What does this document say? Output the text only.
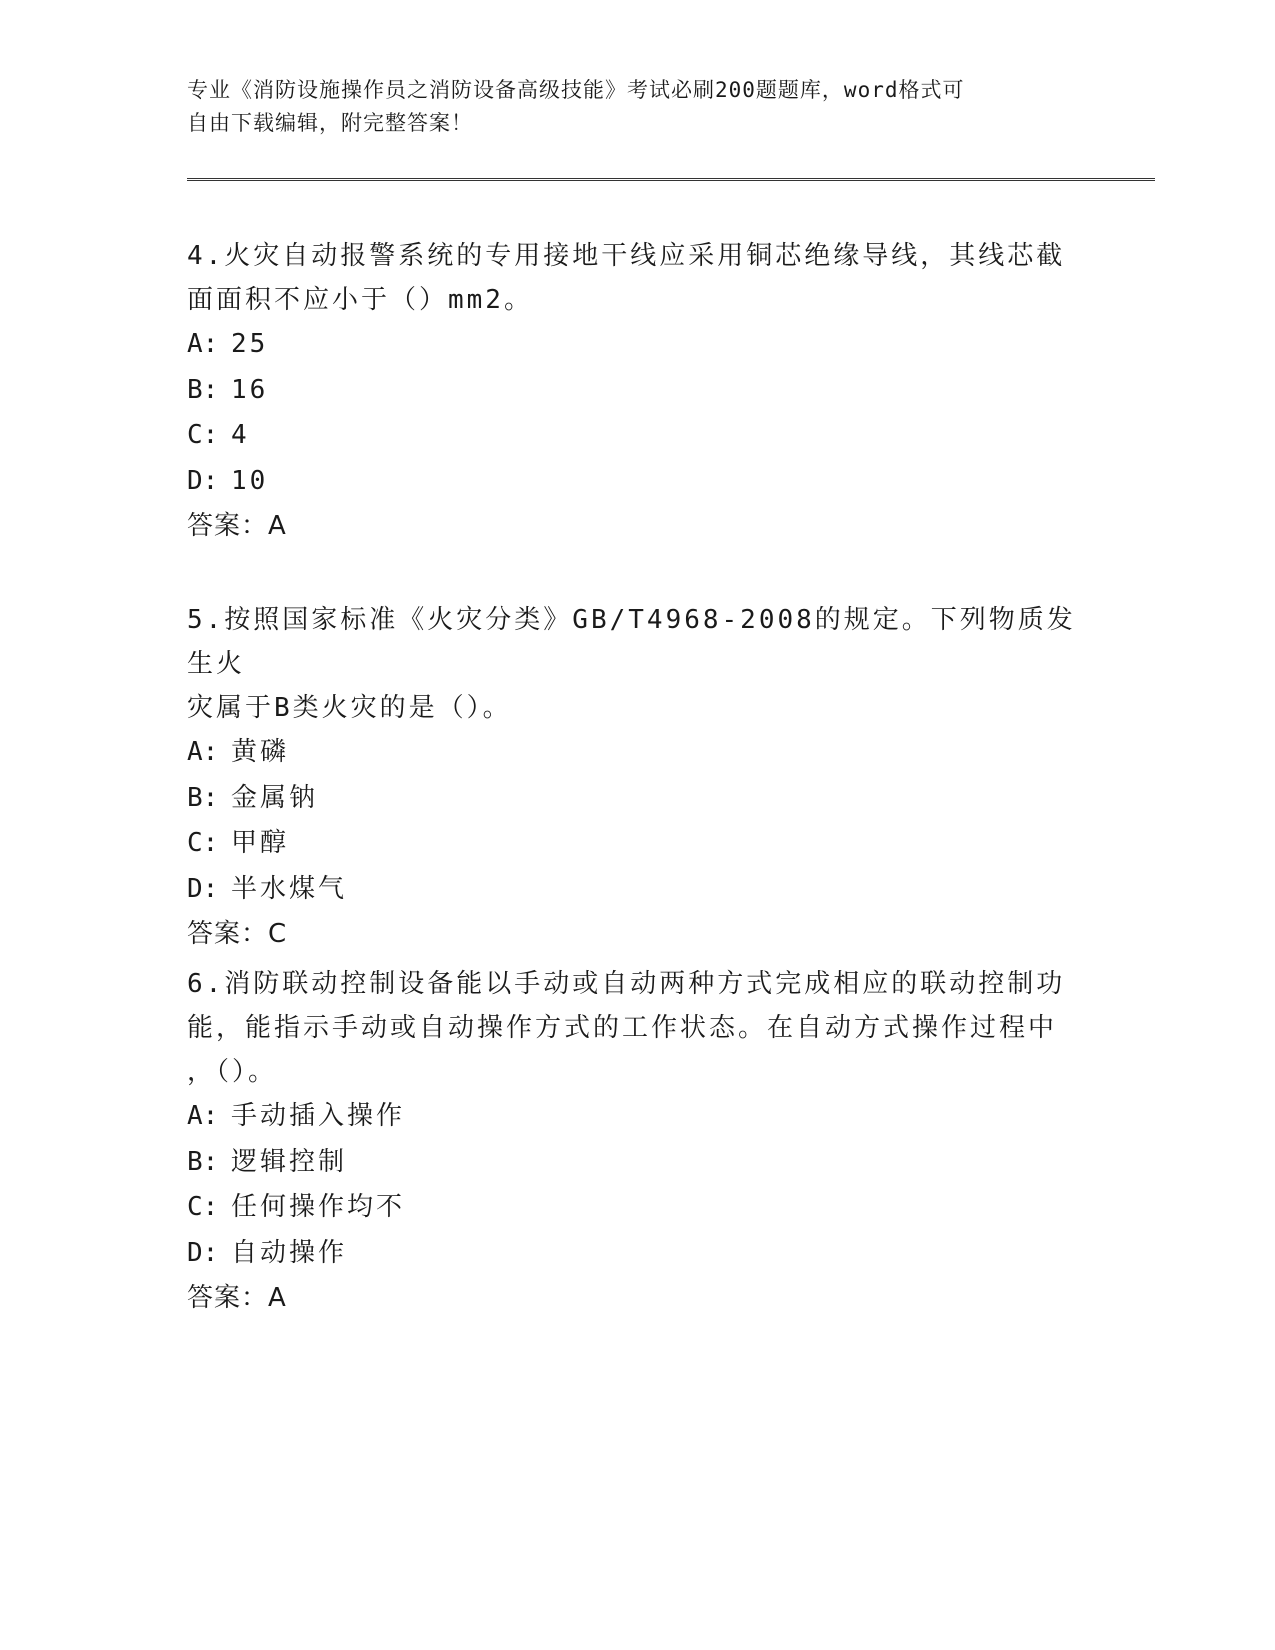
专业《消防设施操作员之消防设备高级技能》考试必刷200题题库，word格式可
自由下载编辑，附完整答案！

4.火灾自动报警系统的专用接地干线应采用铜芯绝缘导线，其线芯截
面面积不应小于（）mm2。

A: 25

B: 16

C: 4

D: 10

答案：A

5.按照国家标准《火灾分类》GB/T4968-2008的规定。下列物质发生火
灾属于B类火灾的是（）。

A: 黄磷

B: 金属钠

C: 甲醇

D: 半水煤气

答案：C

6.消防联动控制设备能以手动或自动两种方式完成相应的联动控制功
能，能指示手动或自动操作方式的工作状态。在自动方式操作过程中
，（）。

A: 手动插入操作

B: 逻辑控制

C: 任何操作均不

D: 自动操作

答案：A
